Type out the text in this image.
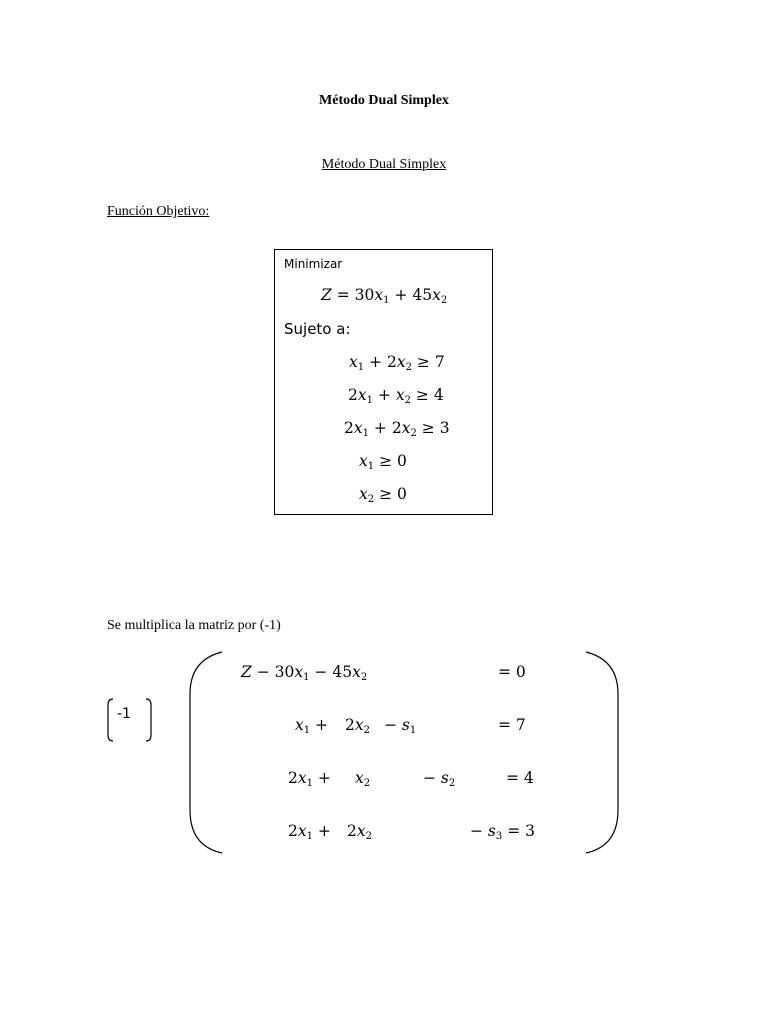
Método Dual Simplex
Método Dual Simplex
Función Objetivo:
Minimizar
$Z = 30x_1 + 45x_2$
Sujeto a:
$x_1 + 2x_2 \ge 7$
$2x_1 + x_2 \ge 4$
$2x_1 + 2x_2 \ge 3$
$x_1 \ge 0$
$x_2 \ge 0$
Se multiplica la matriz por (-1)
-1
$Z - 30x_1 - 45x_2$	= 0
$x_1 + 2x_2 - s_1$	= 7
$2x_1 + x_2$	− $s_2$	= 4
$2x_1 + 2x_2$	− $s_3 = 3$
